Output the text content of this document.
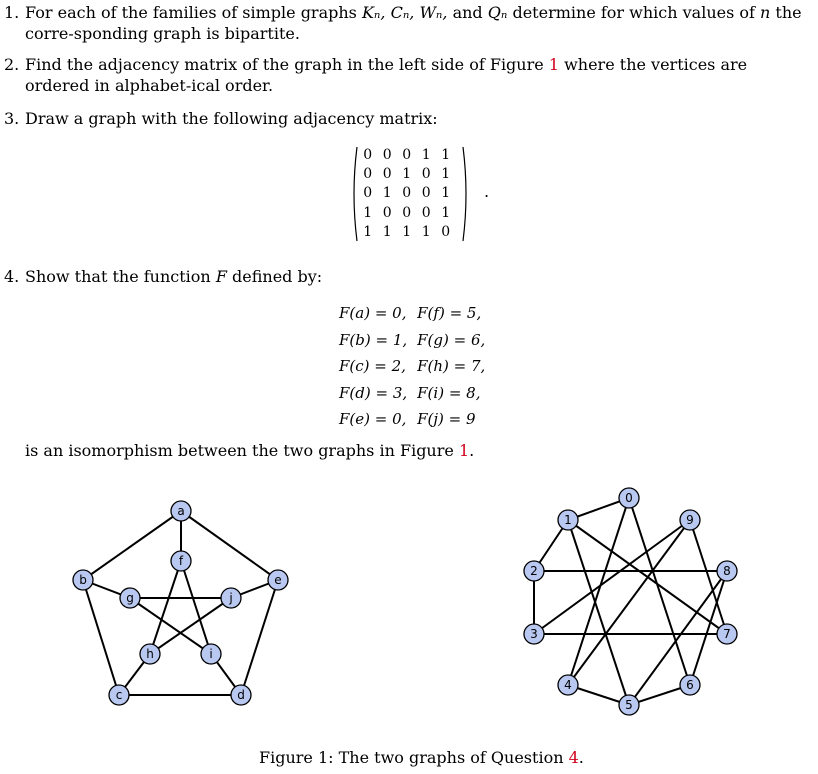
1. For each of the families of simple graphs Kₙ, Cₙ, Wₙ, and Qₙ determine for which values of n the corre-sponding graph is bipartite.
2. Find the adjacency matrix of the graph in the left side of Figure 1 where the vertices are ordered in alphabet-ical order.
3. Draw a graph with the following adjacency matrix:
0	0	0	1	1
0	0	1	0	1
0	1	0	0	1
1	0	0	0	1
1	1	1	1	0
.
4. Show that the function F defined by:
F(a) = 0,	F(f) = 5,
F(b) = 1,	F(g) = 6,
F(c) = 2,	F(h) = 7,
F(d) = 3,	F(i) = 8,
F(e) = 0,	F(j) = 9
is an isomorphism between the two graphs in Figure 1.
a
b
c	d
e
f
g
h	i
j
0
1
2
3
4
5
6
7
8
9
Figure 1: The two graphs of Question 4.
